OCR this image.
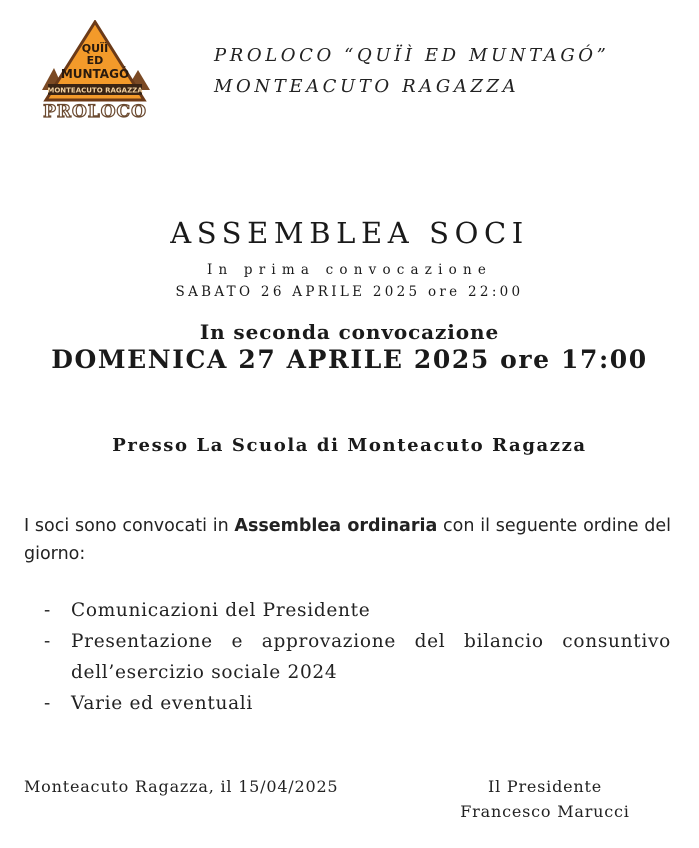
QUÏÌ
ED
MUNTAGÓ
MONTEACUTO RAGAZZA
PROLOCO
PROLOCO “QUÏÌ ED MUNTAGÓ”
MONTEACUTO RAGAZZA
ASSEMBLEA SOCI
In prima convocazione
SABATO 26 APRILE 2025 ore 22:00
In seconda convocazione
DOMENICA 27 APRILE 2025 ore 17:00
Presso La Scuola di Monteacuto Ragazza
I soci sono convocati in Assemblea ordinaria con il seguente ordine del giorno:
- Comunicazioni del Presidente
- Presentazione e approvazione del bilancio consuntivo dell’esercizio sociale 2024
- Varie ed eventuali
Monteacuto Ragazza, il 15/04/2025	Il Presidente
Francesco Marucci
